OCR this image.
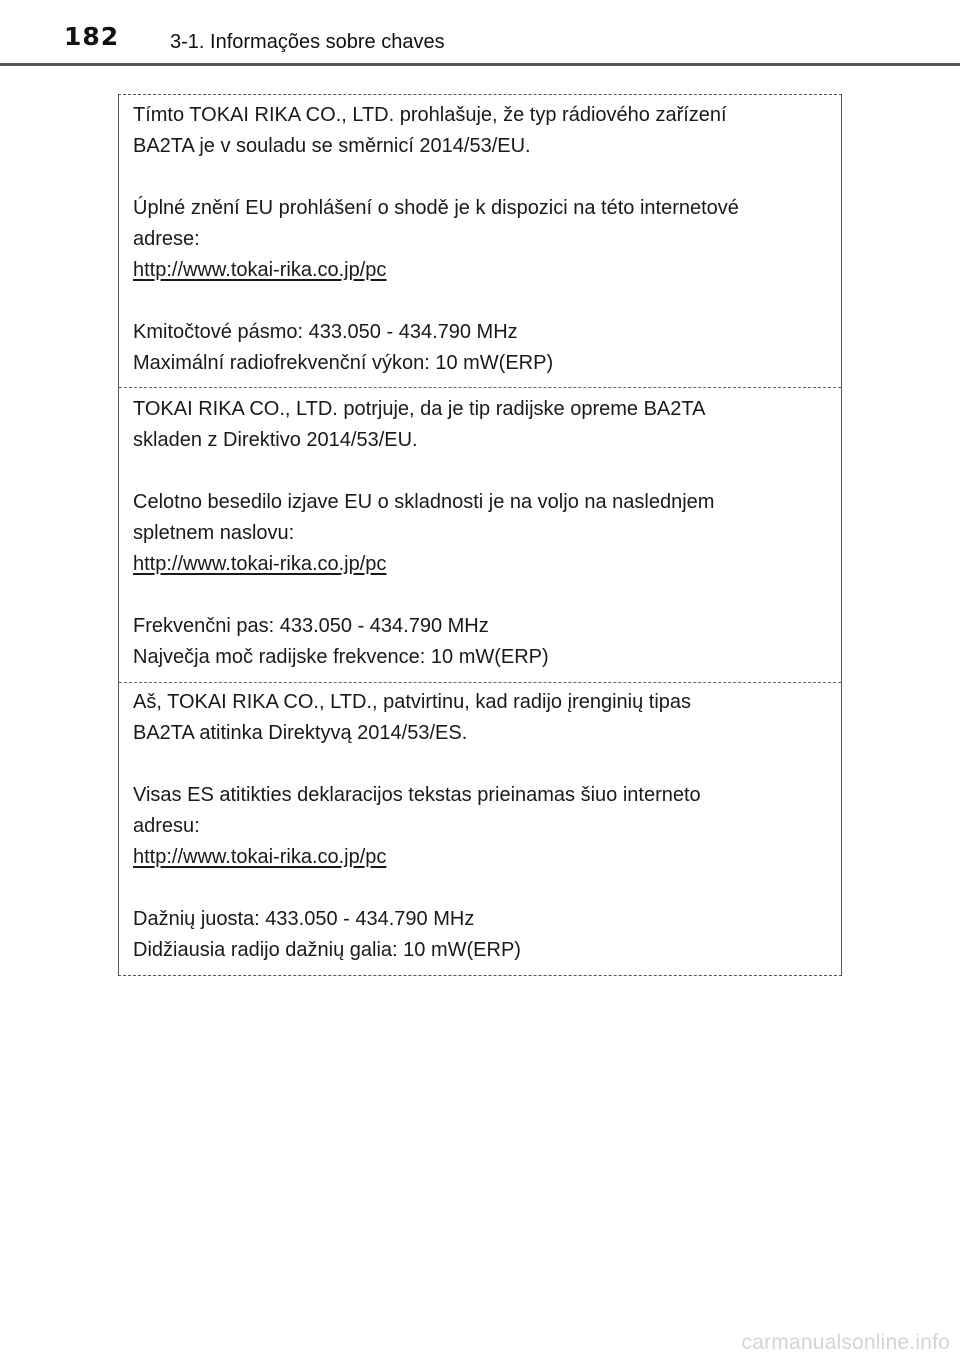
182	3-1. Informações sobre chaves

Tímto TOKAI RIKA CO., LTD. prohlašuje, že typ rádiového zařízení

BA2TA je v souladu se směrnicí 2014/53/EU.

Úplné znění EU prohlášení o shodě je k dispozici na této internetové

adrese:

http://www.tokai-rika.co.jp/pc

Kmitočtové pásmo: 433.050 - 434.790 MHz

Maximální radiofrekvenční výkon: 10 mW(ERP)

TOKAI RIKA CO., LTD. potrjuje, da je tip radijske opreme BA2TA

skladen z Direktivo 2014/53/EU.

Celotno besedilo izjave EU o skladnosti je na voljo na naslednjem

spletnem naslovu:

http://www.tokai-rika.co.jp/pc

Frekvenčni pas: 433.050 - 434.790 MHz

Največja moč radijske frekvence: 10 mW(ERP)

Aš, TOKAI RIKA CO., LTD., patvirtinu, kad radijo įrenginių tipas

BA2TA atitinka Direktyvą 2014/53/ES.

Visas ES atitikties deklaracijos tekstas prieinamas šiuo interneto

adresu:

http://www.tokai-rika.co.jp/pc

Dažnių juosta: 433.050 - 434.790 MHz

Didžiausia radijo dažnių galia: 10 mW(ERP)

carmanualsonline.info
